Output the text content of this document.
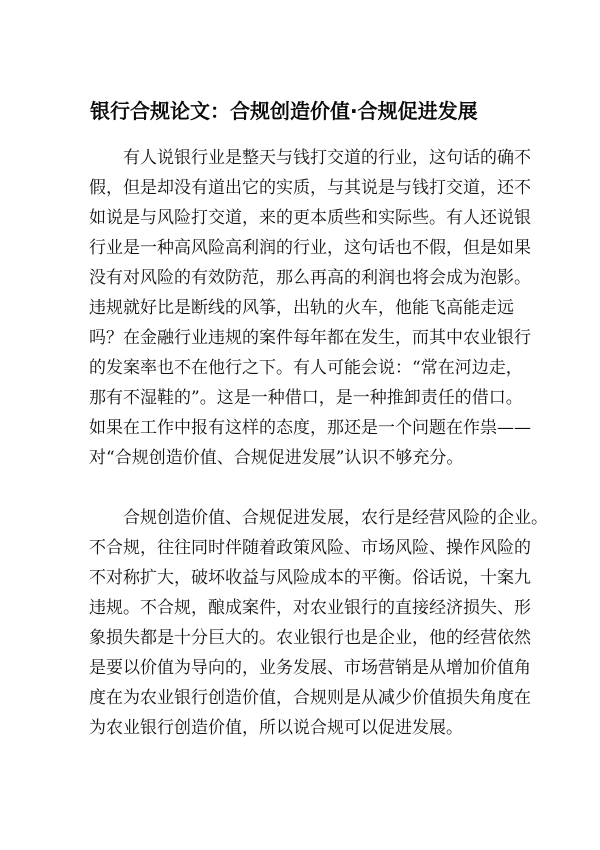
银行合规论文：合规创造价值·合规促进发展
有人说银行业是整天与钱打交道的行业，这句话的确不
假，但是却没有道出它的实质，与其说是与钱打交道，还不
如说是与风险打交道，来的更本质些和实际些。有人还说银
行业是一种高风险高利润的行业，这句话也不假，但是如果
没有对风险的有效防范，那么再高的利润也将会成为泡影。
违规就好比是断线的风筝，出轨的火车，他能飞高能走远
吗？在金融行业违规的案件每年都在发生，而其中农业银行
的发案率也不在他行之下。有人可能会说：“常在河边走，
那有不湿鞋的”。这是一种借口，是一种推卸责任的借口。
如果在工作中报有这样的态度，那还是一个问题在作祟——
对“合规创造价值、合规促进发展”认识不够充分。
合规创造价值、合规促进发展，农行是经营风险的企业。
不合规，往往同时伴随着政策风险、市场风险、操作风险的
不对称扩大，破坏收益与风险成本的平衡。俗话说，十案九
违规。不合规，酿成案件，对农业银行的直接经济损失、形
象损失都是十分巨大的。农业银行也是企业，他的经营依然
是要以价值为导向的，业务发展、市场营销是从增加价值角
度在为农业银行创造价值，合规则是从减少价值损失角度在
为农业银行创造价值，所以说合规可以促进发展。
